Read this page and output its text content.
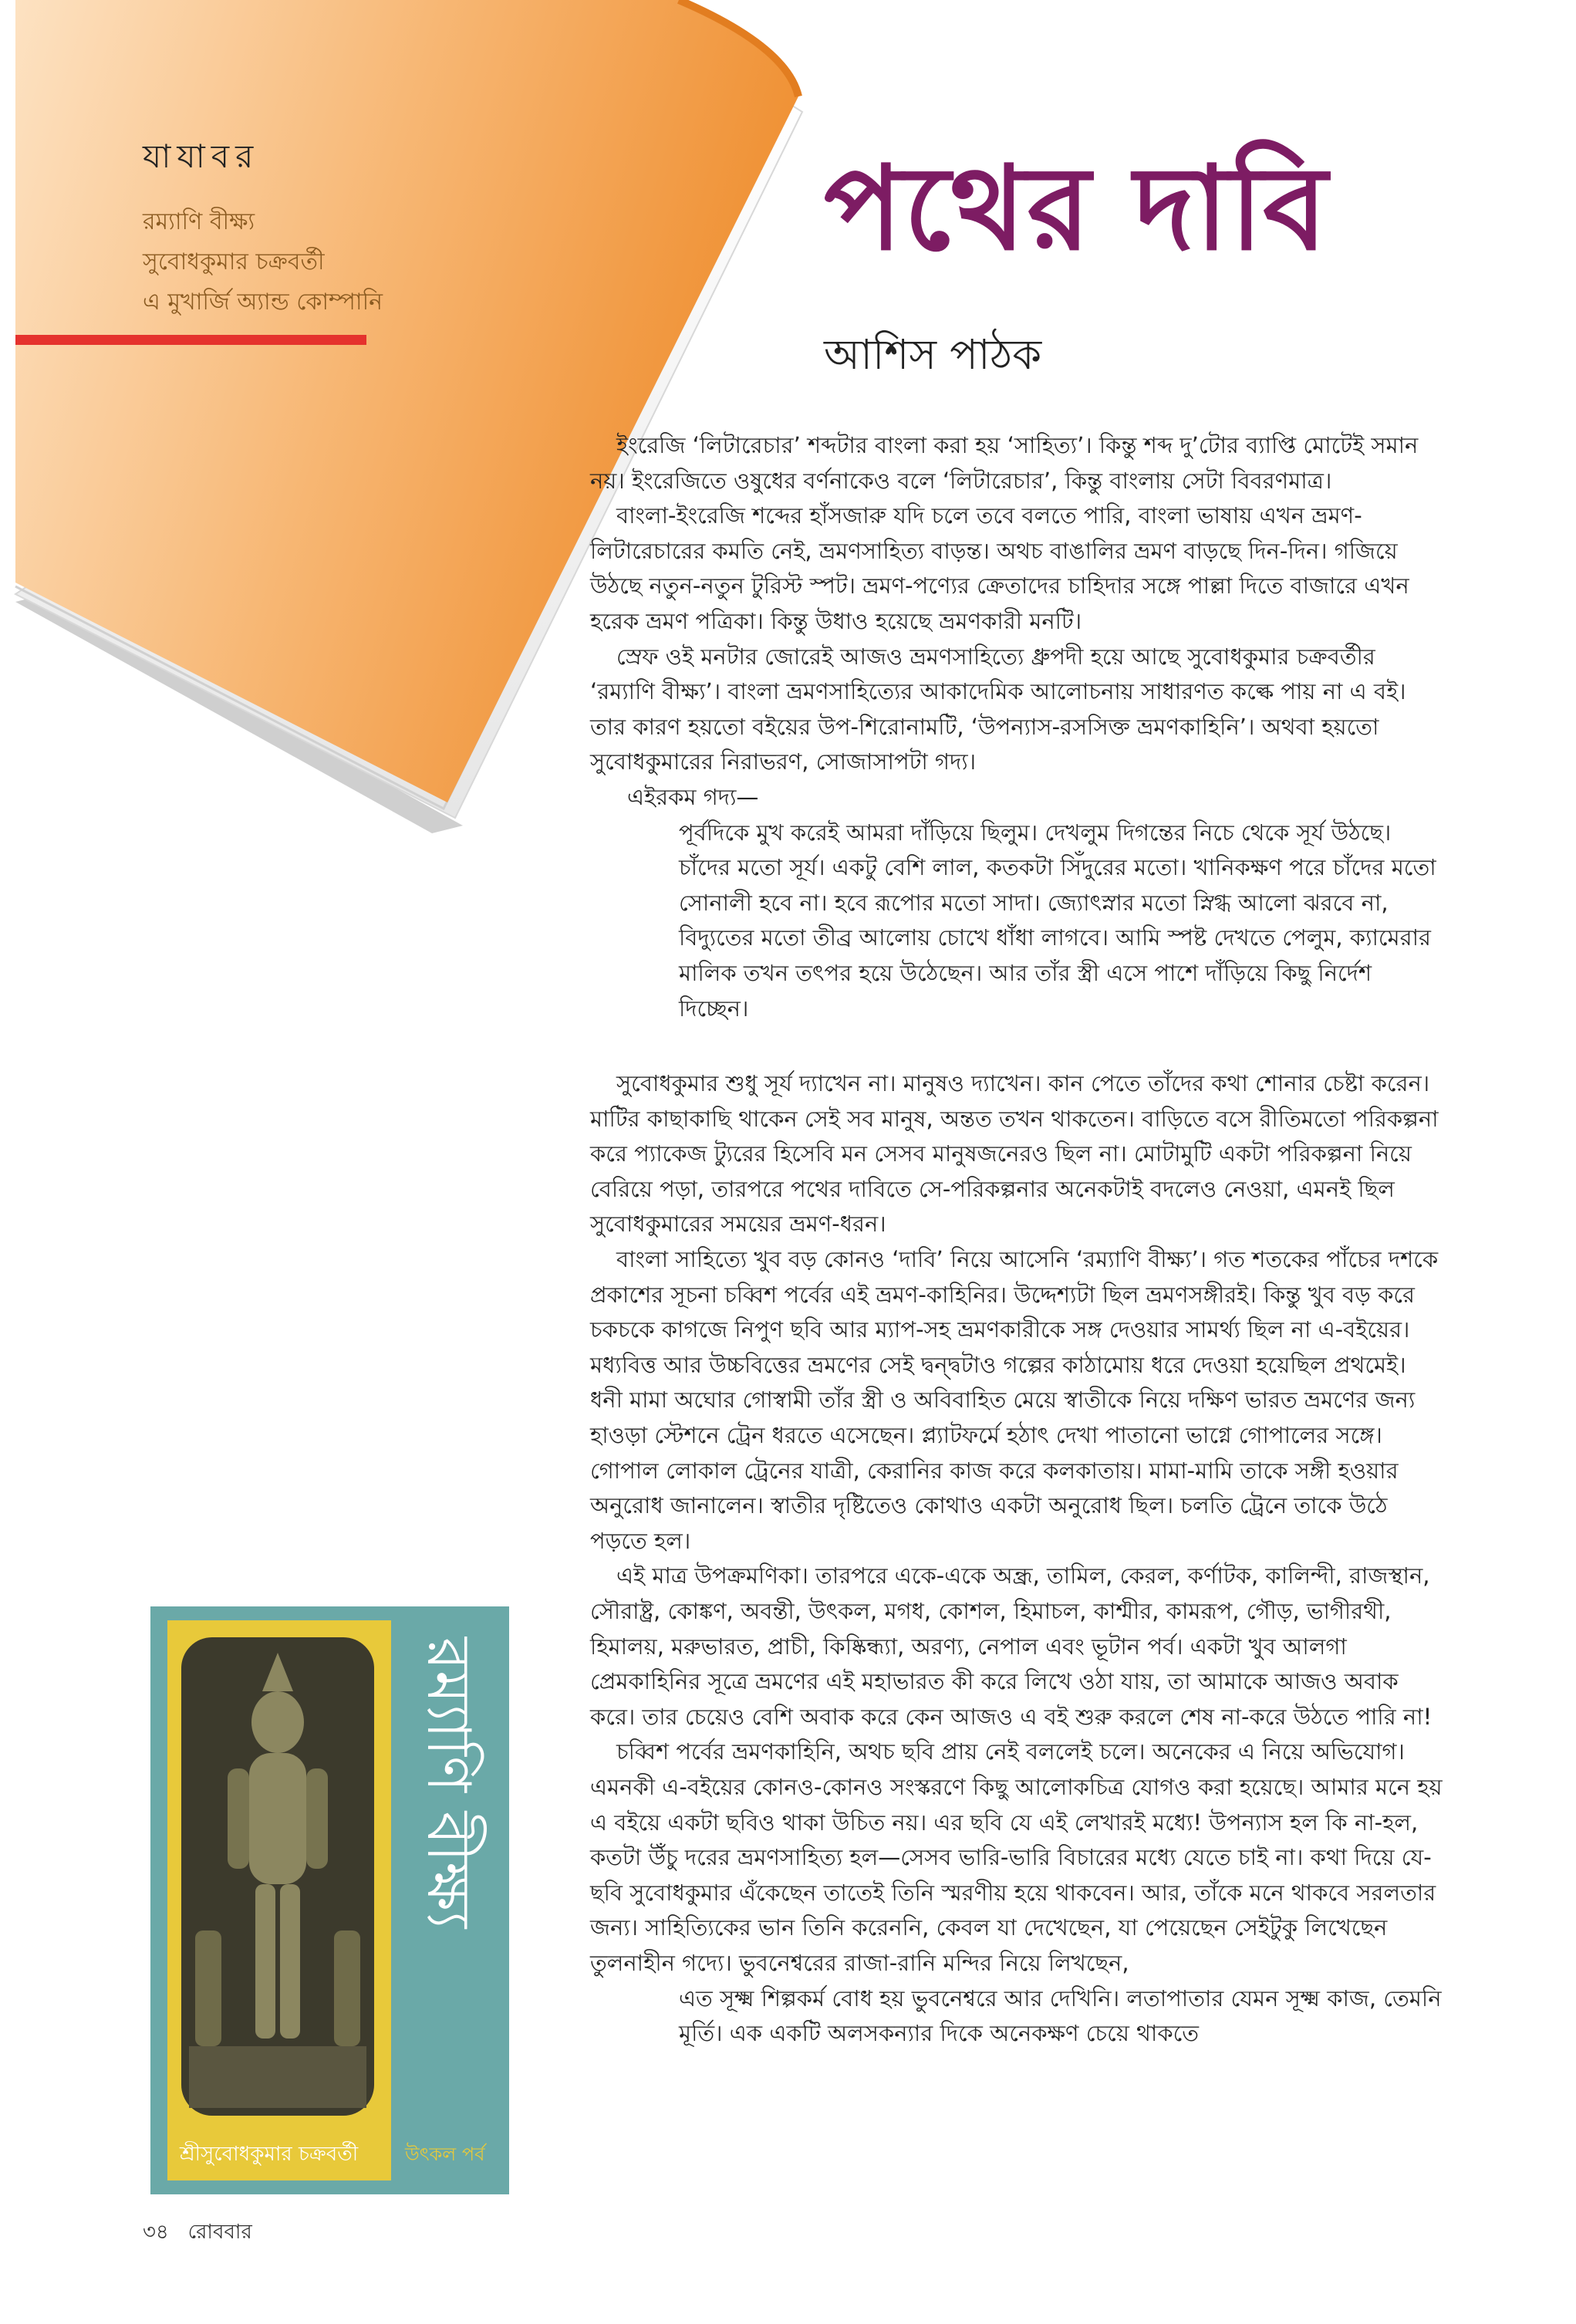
যাযাবর
রম্যাণি বীক্ষ্য
সুবোধকুমার চক্রবর্তী
এ মুখার্জি অ্যান্ড কোম্পানি
পথের দাবি
আশিস পাঠক

ইংরেজি ‘লিটারেচার’ শব্দটার বাংলা করা হয় ‘সাহিত্য’। কিন্তু শব্দ দু’টোর ব্যাপ্তি মোটেই সমান নয়। ইংরেজিতে ওষুধের বর্ণনাকেও বলে ‘লিটারেচার’, কিন্তু বাংলায় সেটা বিবরণমাত্র।

বাংলা-ইংরেজি শব্দের হাঁসজারু যদি চলে তবে বলতে পারি, বাংলা ভাষায় এখন ভ্রমণ-লিটারেচারের কমতি নেই, ভ্রমণসাহিত্য বাড়ন্ত। অথচ বাঙালির ভ্রমণ বাড়ছে দিন-দিন। গজিয়ে উঠছে নতুন-নতুন টুরিস্ট স্পট। ভ্রমণ-পণ্যের ক্রেতাদের চাহিদার সঙ্গে পাল্লা দিতে বাজারে এখন হরেক ভ্রমণ পত্রিকা। কিন্তু উধাও হয়েছে ভ্রমণকারী মনটি।

স্রেফ ওই মনটার জোরেই আজও ভ্রমণসাহিত্যে ধ্রুপদী হয়ে আছে সুবোধকুমার চক্রবর্তীর ‘রম্যাণি বীক্ষ্য’। বাংলা ভ্রমণসাহিত্যের আকাদেমিক আলোচনায় সাধারণত কল্কে পায় না এ বই। তার কারণ হয়তো বইয়ের উপ-শিরোনামটি, ‘উপন্যাস-রসসিক্ত ভ্রমণকাহিনি’। অথবা হয়তো সুবোধকুমারের নিরাভরণ, সোজাসাপটা গদ্য।

এইরকম গদ্য—

পূর্বদিকে মুখ করেই আমরা দাঁড়িয়ে ছিলুম। দেখলুম দিগন্তের নিচে থেকে সূর্য উঠছে। চাঁদের মতো সূর্য। একটু বেশি লাল, কতকটা সিঁদুরের মতো। খানিকক্ষণ পরে চাঁদের মতো সোনালী হবে না। হবে রূপোর মতো সাদা। জ্যোৎস্নার মতো স্নিগ্ধ আলো ঝরবে না, বিদ্যুতের মতো তীব্র আলোয় চোখে ধাঁধা লাগবে। আমি স্পষ্ট দেখতে পেলুম, ক্যামেরার মালিক তখন তৎপর হয়ে উঠেছেন। আর তাঁর স্ত্রী এসে পাশে দাঁড়িয়ে কিছু নির্দেশ দিচ্ছেন।

সুবোধকুমার শুধু সূর্য দ্যাখেন না। মানুষও দ্যাখেন। কান পেতে তাঁদের কথা শোনার চেষ্টা করেন। মাটির কাছাকাছি থাকেন সেই সব মানুষ, অন্তত তখন থাকতেন। বাড়িতে বসে রীতিমতো পরিকল্পনা করে প্যাকেজ ট্যুরের হিসেবি মন সেসব মানুষজনেরও ছিল না। মোটামুটি একটা পরিকল্পনা নিয়ে বেরিয়ে পড়া, তারপরে পথের দাবিতে সে-পরিকল্পনার অনেকটাই বদলেও নেওয়া, এমনই ছিল সুবোধকুমারের সময়ের ভ্রমণ-ধরন।

বাংলা সাহিত্যে খুব বড় কোনও ‘দাবি’ নিয়ে আসেনি ‘রম্যাণি বীক্ষ্য’। গত শতকের পাঁচের দশকে প্রকাশের সূচনা চব্বিশ পর্বের এই ভ্রমণ-কাহিনির। উদ্দেশ্যটা ছিল ভ্রমণসঙ্গীরই। কিন্তু খুব বড় করে চকচকে কাগজে নিপুণ ছবি আর ম্যাপ-সহ ভ্রমণকারীকে সঙ্গ দেওয়ার সামর্থ্য ছিল না এ-বইয়ের। মধ্যবিত্ত আর উচ্চবিত্তের ভ্রমণের সেই দ্বন্দ্বটাও গল্পের কাঠামোয় ধরে দেওয়া হয়েছিল প্রথমেই। ধনী মামা অঘোর গোস্বামী তাঁর স্ত্রী ও অবিবাহিত মেয়ে স্বাতীকে নিয়ে দক্ষিণ ভারত ভ্রমণের জন্য হাওড়া স্টেশনে ট্রেন ধরতে এসেছেন। প্ল্যাটফর্মে হঠাৎ দেখা পাতানো ভাগ্নে গোপালের সঙ্গে। গোপাল লোকাল ট্রেনের যাত্রী, কেরানির কাজ করে কলকাতায়। মামা-মামি তাকে সঙ্গী হওয়ার অনুরোধ জানালেন। স্বাতীর দৃষ্টিতেও কোথাও একটা অনুরোধ ছিল। চলতি ট্রেনে তাকে উঠে পড়তে হল।

এই মাত্র উপক্রমণিকা। তারপরে একে-একে অন্ধ্র, তামিল, কেরল, কর্ণাটক, কালিন্দী, রাজস্থান, সৌরাষ্ট্র, কোঙ্কণ, অবন্তী, উৎকল, মগধ, কোশল, হিমাচল, কাশ্মীর, কামরূপ, গৌড়, ভাগীরথী, হিমালয়, মরুভারত, প্রাচী, কিষ্কিন্ধ্যা, অরণ্য, নেপাল এবং ভূটান পর্ব। একটা খুব আলগা প্রেমকাহিনির সূত্রে ভ্রমণের এই মহাভারত কী করে লিখে ওঠা যায়, তা আমাকে আজও অবাক করে। তার চেয়েও বেশি অবাক করে কেন আজও এ বই শুরু করলে শেষ না-করে উঠতে পারি না!

চব্বিশ পর্বের ভ্রমণকাহিনি, অথচ ছবি প্রায় নেই বললেই চলে। অনেকের এ নিয়ে অভিযোগ। এমনকী এ-বইয়ের কোনও-কোনও সংস্করণে কিছু আলোকচিত্র যোগও করা হয়েছে। আমার মনে হয় এ বইয়ে একটা ছবিও থাকা উচিত নয়। এর ছবি যে এই লেখারই মধ্যে! উপন্যাস হল কি না-হল, কতটা উঁচু দরের ভ্রমণসাহিত্য হল—সেসব ভারি-ভারি বিচারের মধ্যে যেতে চাই না। কথা দিয়ে যে-ছবি সুবোধকুমার এঁকেছেন তাতেই তিনি স্মরণীয় হয়ে থাকবেন। আর, তাঁকে মনে থাকবে সরলতার জন্য। সাহিত্যিকের ভান তিনি করেননি, কেবল যা দেখেছেন, যা পেয়েছেন সেইটুকু লিখেছেন তুলনাহীন গদ্যে। ভুবনেশ্বরের রাজা-রানি মন্দির নিয়ে লিখছেন,

এত সূক্ষ্ম শিল্পকর্ম বোধ হয় ভুবনেশ্বরে আর দেখিনি। লতাপাতার যেমন সূক্ষ্ম কাজ, তেমনি মূর্তি। এক একটি অলসকন্যার দিকে অনেকক্ষণ চেয়ে থাকতে
রম্যাণি বীক্ষ্য
শ্রীসুবোধকুমার চক্রবর্তী	উৎকল পর্ব
৩৪ রোববার
